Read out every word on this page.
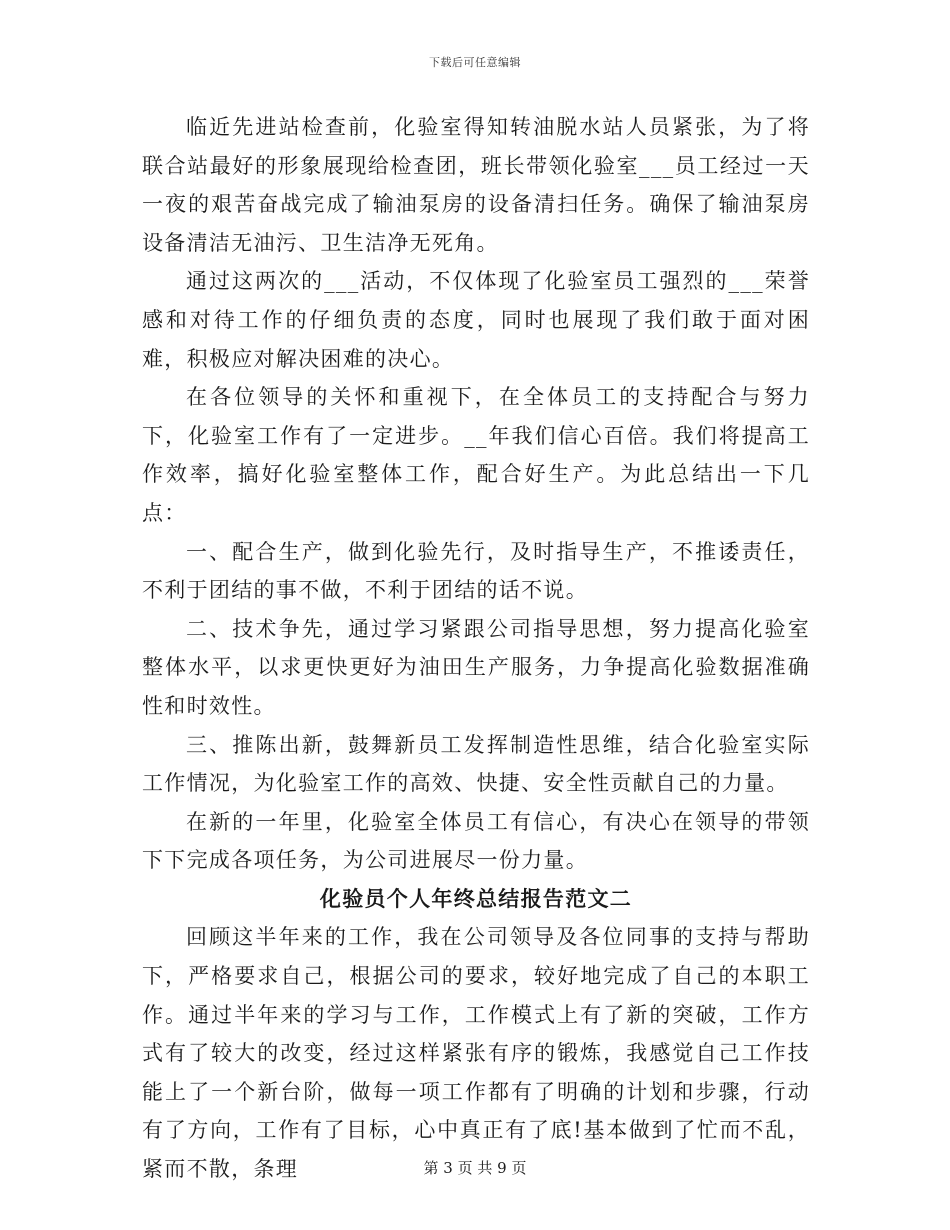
下载后可任意编辑

临近先进站检查前，化验室得知转油脱水站人员紧张，为了将联合站最好的形象展现给检查团，班长带领化验室___员工经过一天一夜的艰苦奋战完成了输油泵房的设备清扫任务。确保了输油泵房设备清洁无油污、卫生洁净无死角。

通过这两次的___活动，不仅体现了化验室员工强烈的___荣誉感和对待工作的仔细负责的态度，同时也展现了我们敢于面对困难，积极应对解决困难的决心。

在各位领导的关怀和重视下，在全体员工的支持配合与努力下，化验室工作有了一定进步。__年我们信心百倍。我们将提高工作效率，搞好化验室整体工作，配合好生产。为此总结出一下几点：

一、配合生产，做到化验先行，及时指导生产，不推诿责任，不利于团结的事不做，不利于团结的话不说。

二、技术争先，通过学习紧跟公司指导思想，努力提高化验室整体水平，以求更快更好为油田生产服务，力争提高化验数据准确性和时效性。

三、推陈出新，鼓舞新员工发挥制造性思维，结合化验室实际工作情况，为化验室工作的高效、快捷、安全性贡献自己的力量。

在新的一年里，化验室全体员工有信心，有决心在领导的带领下下完成各项任务，为公司进展尽一份力量。

化验员个人年终总结报告范文二

回顾这半年来的工作，我在公司领导及各位同事的支持与帮助下，严格要求自己，根据公司的要求，较好地完成了自己的本职工作。通过半年来的学习与工作，工作模式上有了新的突破，工作方式有了较大的改变，经过这样紧张有序的锻炼，我感觉自己工作技能上了一个新台阶，做每一项工作都有了明确的计划和步骤，行动有了方向，工作有了目标，心中真正有了底!基本做到了忙而不乱，紧而不散，条理	第 3 页 共 9 页
